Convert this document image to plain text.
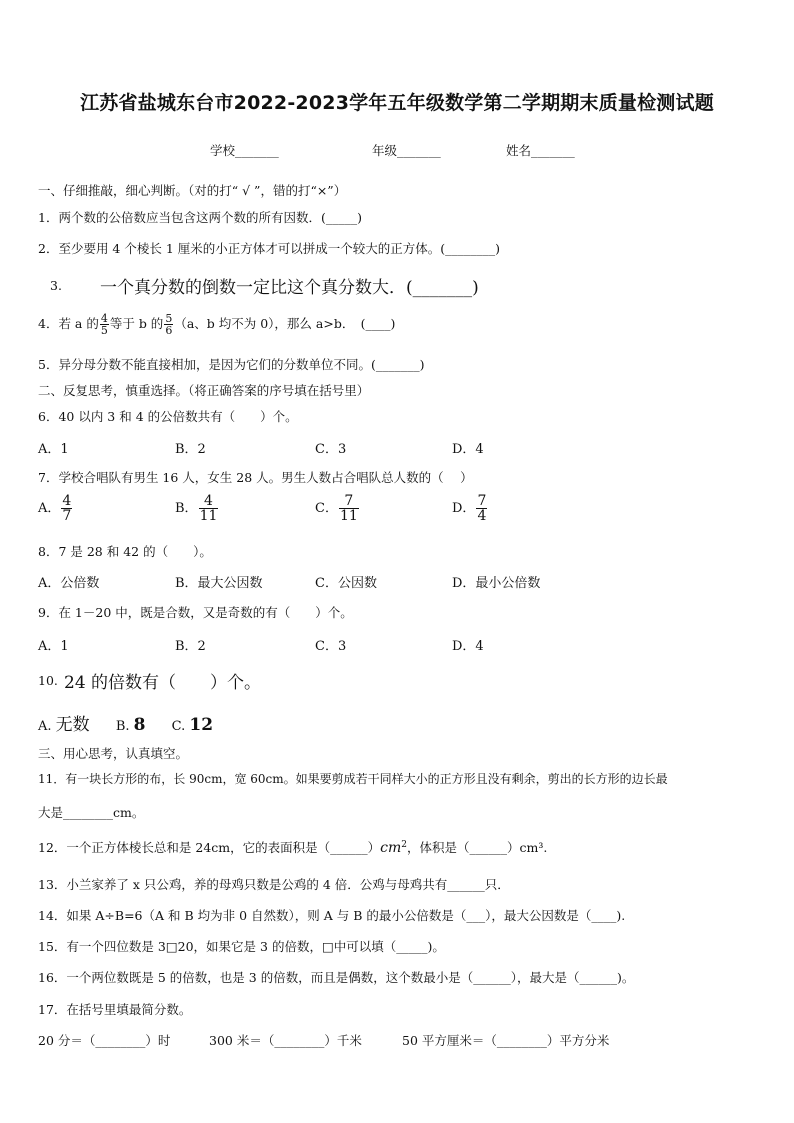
江苏省盐城东台市2022-2023学年五年级数学第二学期期末质量检测试题
学校_______	年级_______	姓名_______
一、仔细推敲，细心判断。（对的打“ √ ”，错的打“×”）
1．两个数的公倍数应当包含这两个数的所有因数．(_____)
2．至少要用 4 个棱长 1 厘米的小正方体才可以拼成一个较大的正方体。(________)
3. 一个真分数的倒数一定比这个真分数大．(_______)
4．若 a 的 $\frac{4}{5}$ 等于 b 的 $\frac{5}{6} (a$、b 均不为 0），那么 a>b．　(____)
5．异分母分数不能直接相加，是因为它们的分数单位不同。(_______)
二、反复思考，慎重选择。（将正确答案的序号填在括号里）
6．40 以内 3 和 4 的公倍数共有（　　）个。
A．1	B．2	C．3	D．4
7．学校合唱队有男生 16 人，女生 28 人。男生人数占合唱队总人数的（　 ）
A． $\frac{4}{7}$	B． $\frac{4}{11}$	C． $\frac{7}{11}$	D． $\frac{7}{4}$
8．7 是 28 和 42 的（　　）。
A．公倍数	B．最大公因数	C．公因数	D．最小公倍数
9．在 1－20 中，既是合数，又是奇数的有（　　）个。
A．1	B．2	C．3	D．4
10. 24 的倍数有（　　）个。
A. 无数 B. 8 C. 12
三、用心思考，认真填空。
11．有一块长方形的布，长 90cm，宽 60cm。如果要剪成若干同样大小的正方形且没有剩余，剪出的长方形的边长最
大是________cm。
12．一个正方体棱长总和是 24cm，它的表面积是$(\_\_\_\_\_\_)cm^2$，体积是（______）cm³.
13．小兰家养了 x 只公鸡，养的母鸡只数是公鸡的 4 倍．公鸡与母鸡共有______只．
14．如果 A÷B=6（A 和 B 均为非 0 自然数），则 A 与 B 的最小公倍数是（___），最大公因数是（____).
15．有一个四位数是 3□20，如果它是 3 的倍数，□中可以填（_____)。
16．一个两位数既是 5 的倍数，也是 3 的倍数，而且是偶数，这个数最小是（______），最大是（______)。
17．在括号里填最简分数。
20 分＝（________）时	300 米＝（________）千米	50 平方厘米＝（________）平方分米
